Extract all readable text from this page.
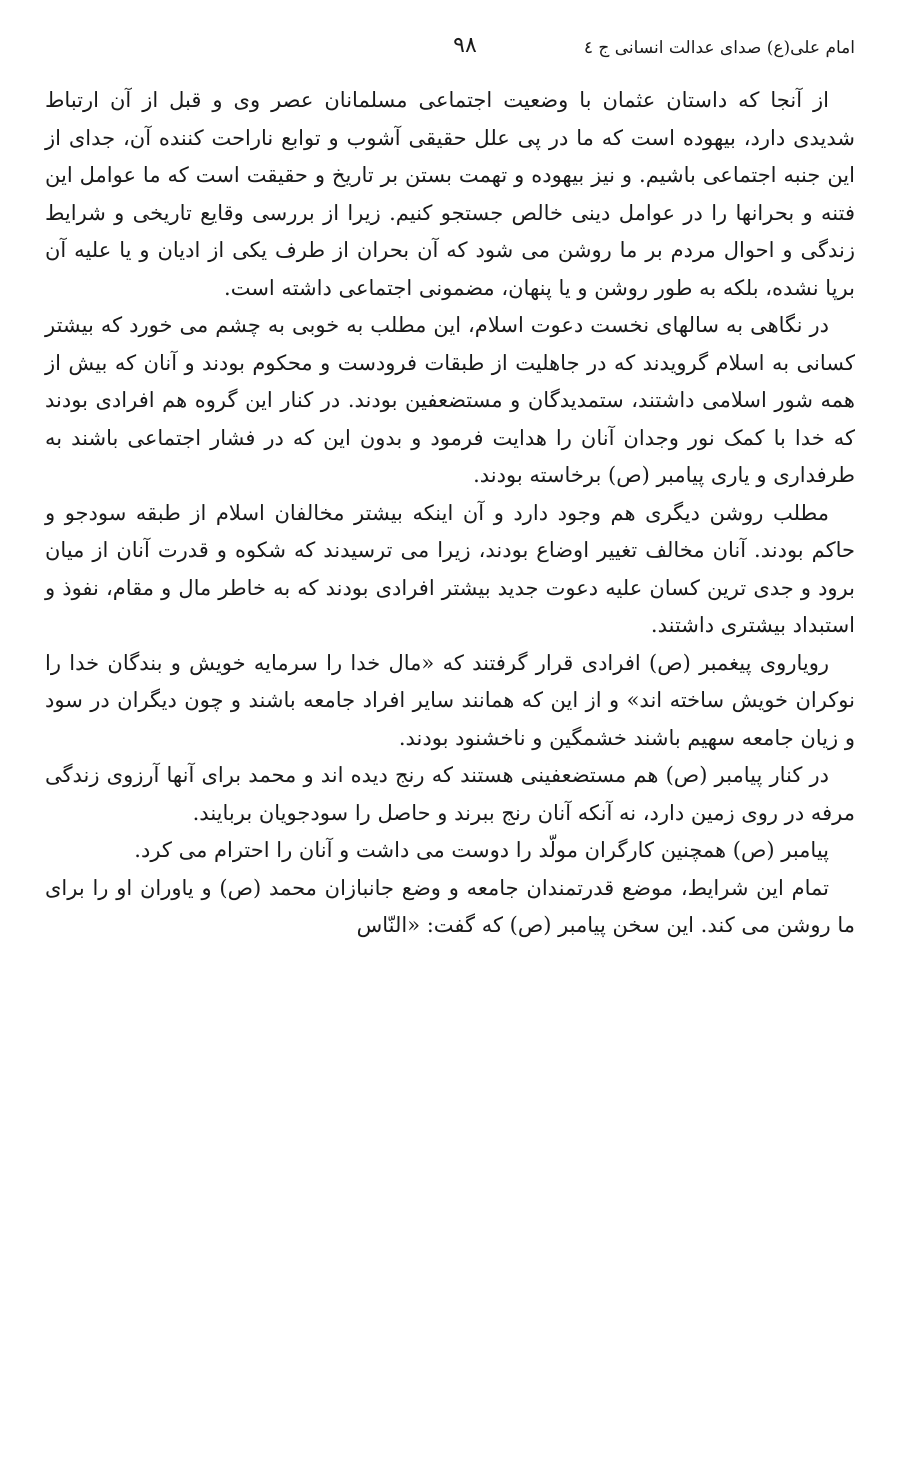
امام علی(ع) صدای عدالت انسانی ج ٤
٩٨

از آنجا که داستان عثمان با وضعیت اجتماعی مسلمانان عصر وی و قبل از آن ارتباط شدیدی دارد، بیهوده است که ما در پی علل حقیقی آشوب و توابع ناراحت کننده آن، جدای از این جنبه اجتماعی باشیم. و نیز بیهوده و تهمت بستن بر تاریخ و حقیقت است که ما عوامل این فتنه و بحرانها را در عوامل دینی خالص جستجو کنیم. زیرا از بررسی وقایع تاریخی و شرایط زندگی و احوال مردم بر ما روشن می شود که آن بحران از طرف یکی از ادیان و یا علیه آن برپا نشده، بلکه به طور روشن و یا پنهان، مضمونی اجتماعی داشته است.

در نگاهی به سالهای نخست دعوت اسلام، این مطلب به خوبی به چشم می خورد که بیشتر کسانی به اسلام گرویدند که در جاهلیت از طبقات فرودست و محکوم بودند و آنان که بیش از همه شور اسلامی داشتند، ستمدیدگان و مستضعفین بودند. در کنار این گروه هم افرادی بودند که خدا با کمک نور وجدان آنان را هدایت فرمود و بدون این که در فشار اجتماعی باشند به طرفداری و یاری پیامبر (ص) برخاسته بودند.

مطلب روشن دیگری هم وجود دارد و آن اینکه بیشتر مخالفان اسلام از طبقه سودجو و حاکم بودند. آنان مخالف تغییر اوضاع بودند، زیرا می ترسیدند که شکوه و قدرت آنان از میان برود و جدی ترین کسان علیه دعوت جدید بیشتر افرادی بودند که به خاطر مال و مقام، نفوذ و استبداد بیشتری داشتند.

رویاروی پیغمبر (ص) افرادی قرار گرفتند که «مال خدا را سرمایه خویش و بندگان خدا را نوکران خویش ساخته اند» و از این که همانند سایر افراد جامعه باشند و چون دیگران در سود و زیان جامعه سهیم باشند خشمگین و ناخشنود بودند.

در کنار پیامبر (ص) هم مستضعفینی هستند که رنج دیده اند و محمد برای آنها آرزوی زندگی مرفه در روی زمین دارد، نه آنکه آنان رنج ببرند و حاصل را سودجویان بربایند.

پیامبر (ص) همچنین کارگران مولّد را دوست می داشت و آنان را احترام می کرد.

تمام این شرایط، موضع قدرتمندان جامعه و وضع جانبازان محمد (ص) و یاوران او را برای ما روشن می کند. این سخن پیامبر (ص) که گفت: «النّاس
